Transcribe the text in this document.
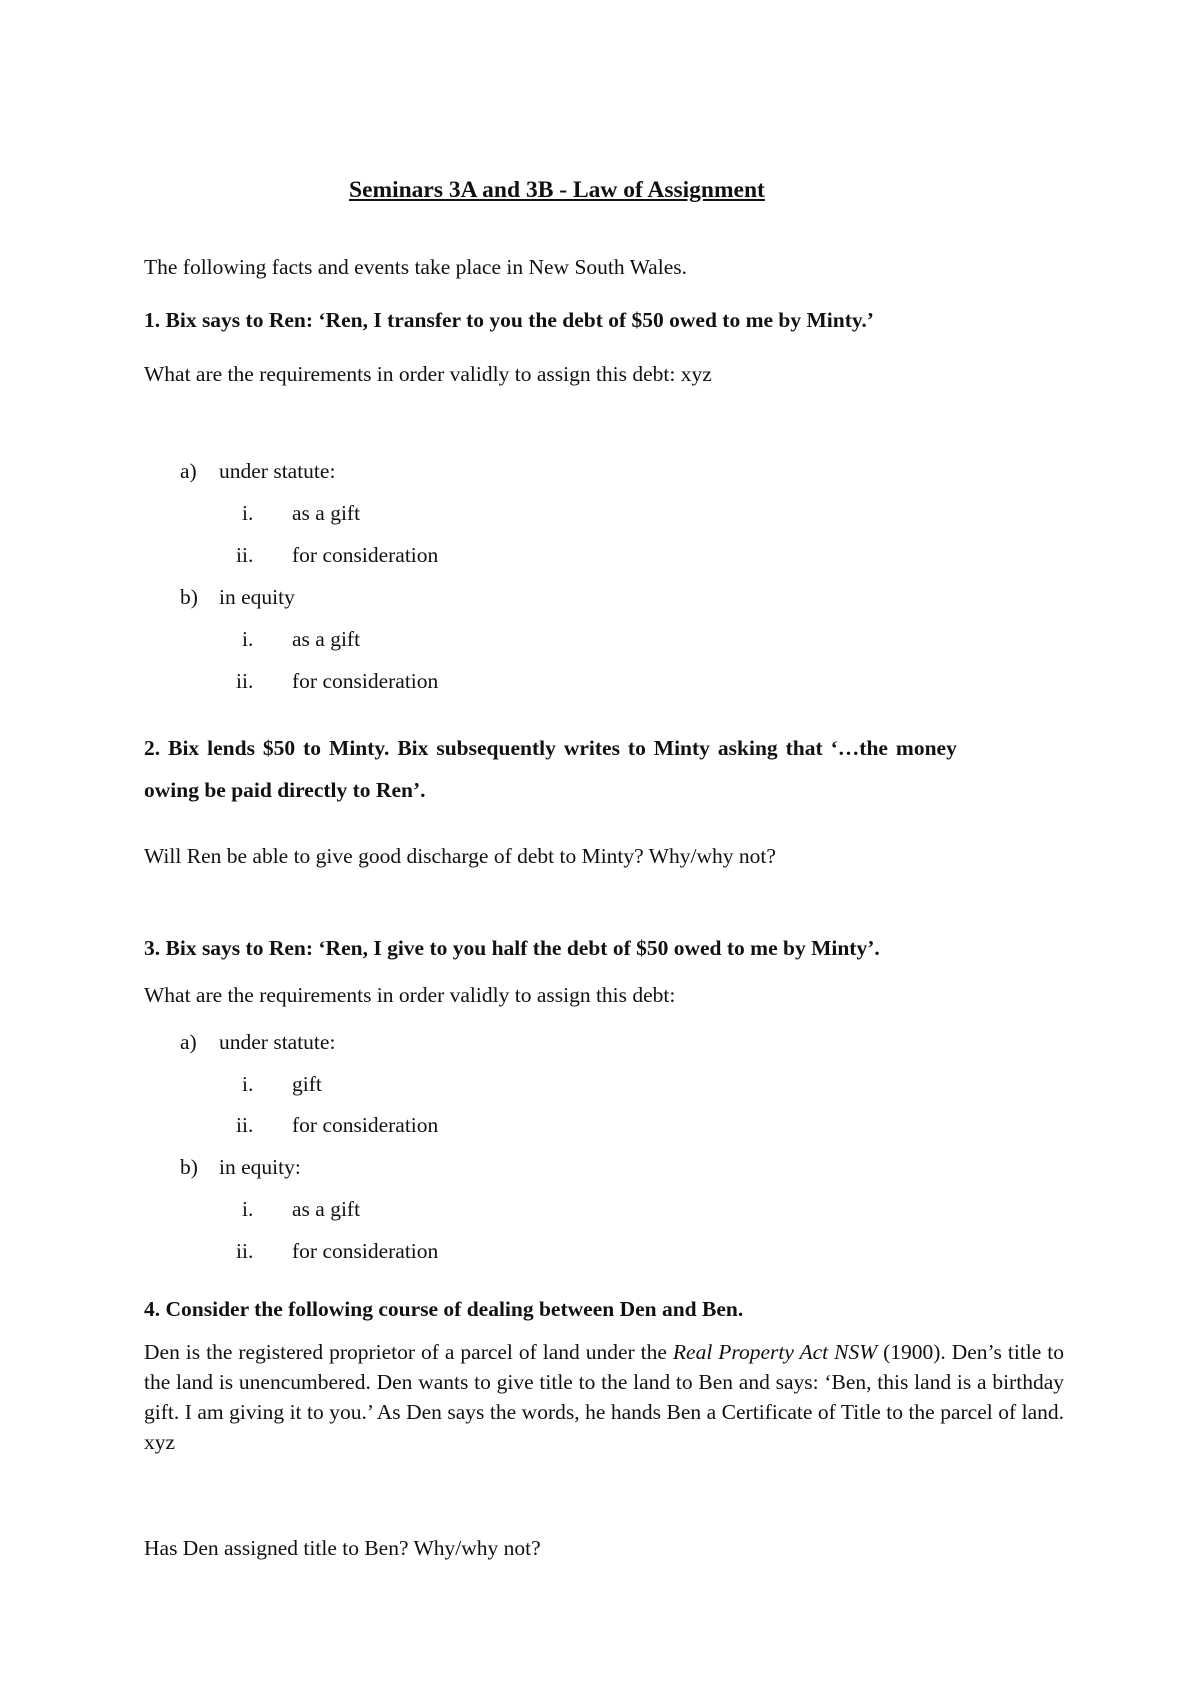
Seminars 3A and 3B - Law of Assignment
The following facts and events take place in New South Wales.
1. Bix says to Ren: ‘Ren, I transfer to you the debt of $50 owed to me by Minty.’
What are the requirements in order validly to assign this debt: xyz
a) under statute:
i. as a gift
ii. for consideration
b) in equity
i. as a gift
ii. for consideration
2. Bix lends $50 to Minty. Bix subsequently writes to Minty asking that ‘…the money
owing be paid directly to Ren’.
Will Ren be able to give good discharge of debt to Minty? Why/why not?
3. Bix says to Ren: ‘Ren, I give to you half the debt of $50 owed to me by Minty’.
What are the requirements in order validly to assign this debt:
a) under statute:
i. gift
ii. for consideration
b) in equity:
i. as a gift
ii. for consideration
4. Consider the following course of dealing between Den and Ben.
Den is the registered proprietor of a parcel of land under the Real Property Act NSW (1900). Den’s title to the land is unencumbered. Den wants to give title to the land to Ben and says: ‘Ben, this land is a birthday gift. I am giving it to you.’ As Den says the words, he hands Ben a Certificate of Title to the parcel of land. xyz
Has Den assigned title to Ben? Why/why not?
